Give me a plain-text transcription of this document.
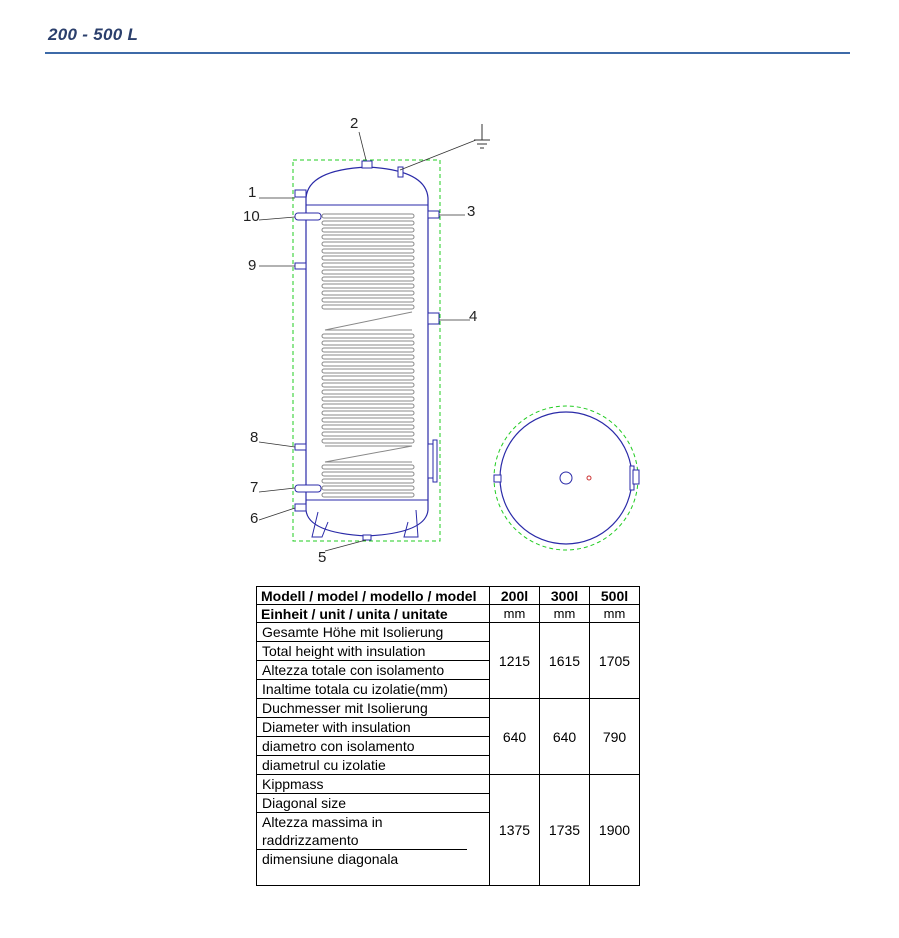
200 - 500 L
1
2
3
4
5
6
7
8
9
10
Modell / model / modello / model	200l	300l	500l
Einheit / unit / unita / unitate	mm	mm	mm

Gesamte Höhe mit Isolierung
Total height with insulation
Altezza totale con isolamento
Inaltime totala cu izolatie(mm)	1215	1615	1705

Duchmesser mit Isolierung
Diameter with insulation
diametro con isolamento
diametrul cu izolatie	640	640	790

Kippmass
Diagonal size
Altezza massima in raddrizzamento
dimensiune diagonala	1375	1735	1900
